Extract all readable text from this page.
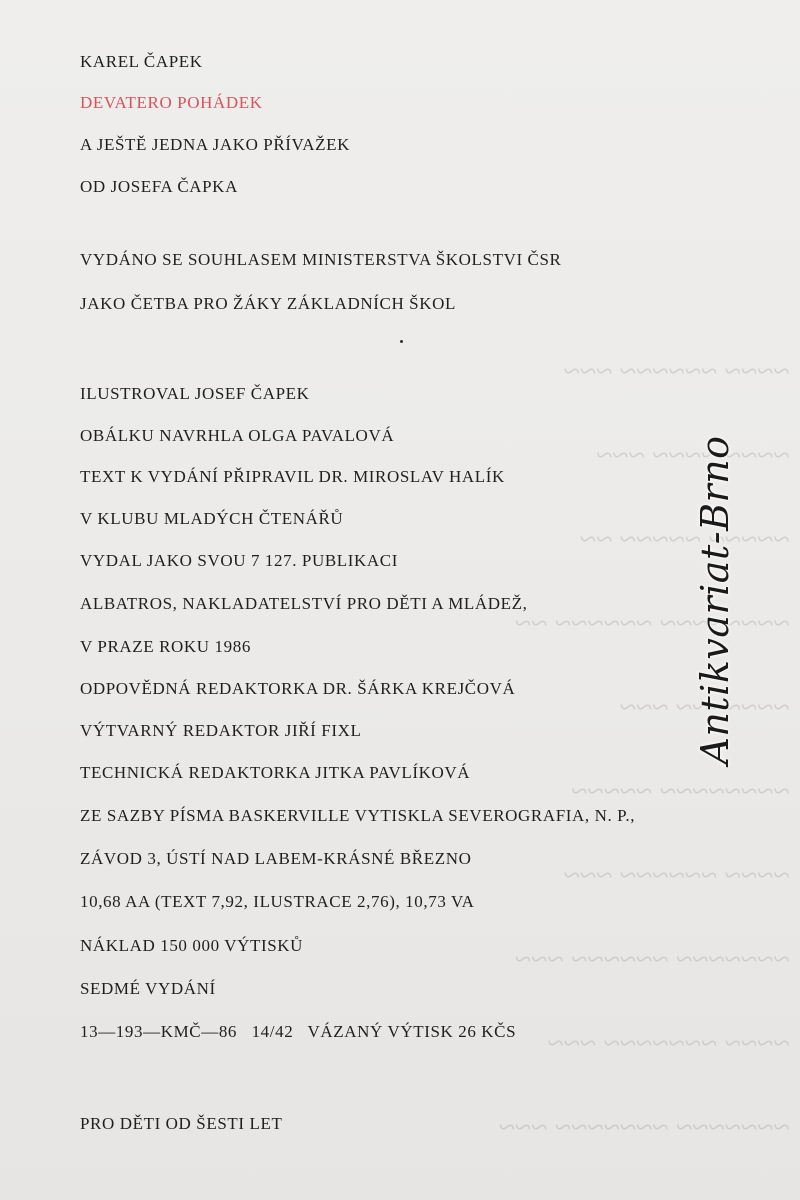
~~~~ ~~~~~~ ~~~
~~~~ ~~~~ ~~~
~~~~~ ~~~~~ ~~
~~~~~~~~ ~~~~~~ ~~
~~~~~~~ ~~~
~~~~~~~~ ~~~~~
~~~~ ~~~~~~ ~~~
~~~~~~~ ~~~~~~ ~~~
~~~~ ~~~~~~~ ~~~
~~~~~~~ ~~~~~~~ ~~~
KAREL ČAPEK
DEVATERO POHÁDEK
A JEŠTĚ JEDNA JAKO PŘÍVAŽEK
OD JOSEFA ČAPKA
VYDÁNO SE SOUHLASEM MINISTERSTVA ŠKOLSTVI ČSR
JAKO ČETBA PRO ŽÁKY ZÁKLADNÍCH ŠKOL
ILUSTROVAL JOSEF ČAPEK
OBÁLKU NAVRHLA OLGA PAVALOVÁ
TEXT K VYDÁNÍ PŘIPRAVIL DR. MIROSLAV HALÍK
V KLUBU MLADÝCH ČTENÁŘŮ
VYDAL JAKO SVOU 7 127. PUBLIKACI
ALBATROS, NAKLADATELSTVÍ PRO DĚTI A MLÁDEŽ,
V PRAZE ROKU 1986
ODPOVĚDNÁ REDAKTORKA DR. ŠÁRKA KREJČOVÁ
VÝTVARNÝ REDAKTOR JIŘÍ FIXL
TECHNICKÁ REDAKTORKA JITKA PAVLÍKOVÁ
ZE SAZBY PÍSMA BASKERVILLE VYTISKLA SEVEROGRAFIA, N. P.,
ZÁVOD 3, ÚSTÍ NAD LABEM-KRÁSNÉ BŘEZNO
10,68 AA (TEXT 7,92, ILUSTRACE 2,76), 10,73 VA
NÁKLAD 150 000 VÝTISKŮ
SEDMÉ VYDÁNÍ
13—193—KMČ—86   14/42   VÁZANÝ VÝTISK 26 KČS
PRO DĚTI OD ŠESTI LET
Antikvariat-Brno
